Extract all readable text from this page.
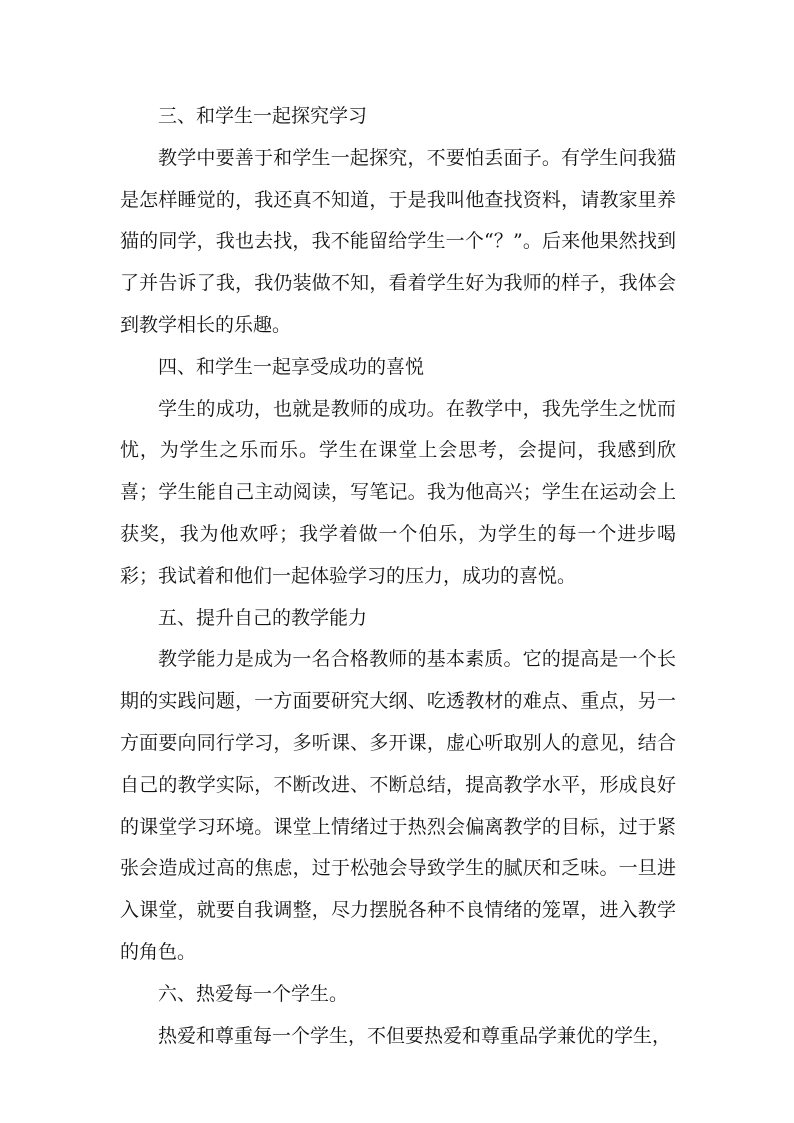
三、和学生一起探究学习

教学中要善于和学生一起探究，不要怕丢面子。有学生问我猫是怎样睡觉的，我还真不知道，于是我叫他查找资料，请教家里养猫的同学，我也去找，我不能留给学生一个“？”。后来他果然找到了并告诉了我，我仍装做不知，看着学生好为我师的样子，我体会到教学相长的乐趣。

四、和学生一起享受成功的喜悦

学生的成功，也就是教师的成功。在教学中，我先学生之忧而忧，为学生之乐而乐。学生在课堂上会思考，会提问，我感到欣喜；学生能自己主动阅读，写笔记。我为他高兴；学生在运动会上获奖，我为他欢呼；我学着做一个伯乐，为学生的每一个进步喝彩；我试着和他们一起体验学习的压力，成功的喜悦。

五、提升自己的教学能力

教学能力是成为一名合格教师的基本素质。它的提高是一个长期的实践问题，一方面要研究大纲、吃透教材的难点、重点，另一方面要向同行学习，多听课、多开课，虚心听取别人的意见，结合自己的教学实际，不断改进、不断总结，提高教学水平，形成良好的课堂学习环境。课堂上情绪过于热烈会偏离教学的目标，过于紧张会造成过高的焦虑，过于松弛会导致学生的腻厌和乏味。一旦进入课堂，就要自我调整，尽力摆脱各种不良情绪的笼罩，进入教学的角色。

六、热爱每一个学生。

热爱和尊重每一个学生，不但要热爱和尊重品学兼优的学生，
